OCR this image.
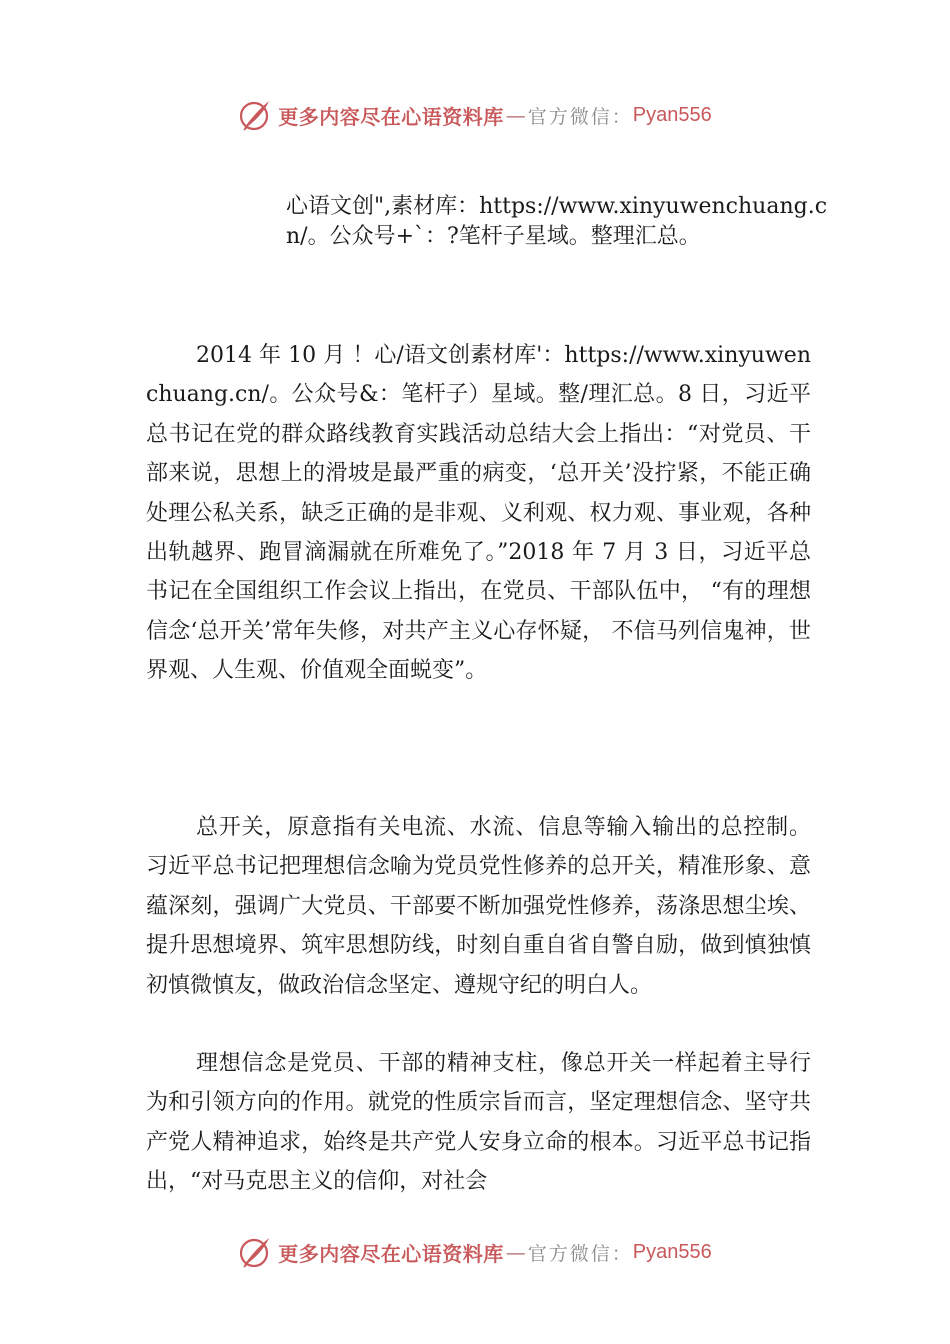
更多内容尽在心语资料库 — 官方微信： Pyan556

心语文创",素材库：https://www.xinyuwenchuang.cn/。公众号+`：?笔杆子星域。整理汇总。

2014 年 10 月 ！心/语文创素材库'：https://www.xinyuwenchuang.cn/。公众号&：笔杆子）星域。整/理汇总。8 日，习近平总书记在党的群众路线教育实践活动总结大会上指出：“对党员、干部来说，思想上的滑坡是最严重的病变，‘总开关’没拧紧，不能正确处理公私关系，缺乏正确的是非观、义利观、权力观、事业观，各种出轨越界、跑冒滴漏就在所难免了。”2018 年 7 月 3 日，习近平总书记在全国组织工作会议上指出，在党员、干部队伍中， “有的理想信念‘总开关’常年失修，对共产主义心存怀疑， 不信马列信鬼神，世界观、人生观、价值观全面蜕变”。

总开关，原意指有关电流、水流、信息等输入输出的总控制。习近平总书记把理想信念喻为党员党性修养的总开关，精准形象、意蕴深刻，强调广大党员、干部要不断加强党性修养，荡涤思想尘埃、提升思想境界、筑牢思想防线，时刻自重自省自警自励，做到慎独慎初慎微慎友，做政治信念坚定、遵规守纪的明白人。

理想信念是党员、干部的精神支柱，像总开关一样起着主导行为和引领方向的作用。就党的性质宗旨而言，坚定理想信念、坚守共产党人精神追求，始终是共产党人安身立命的根本。习近平总书记指出，“对马克思主义的信仰，对社会

更多内容尽在心语资料库 — 官方微信： Pyan556
